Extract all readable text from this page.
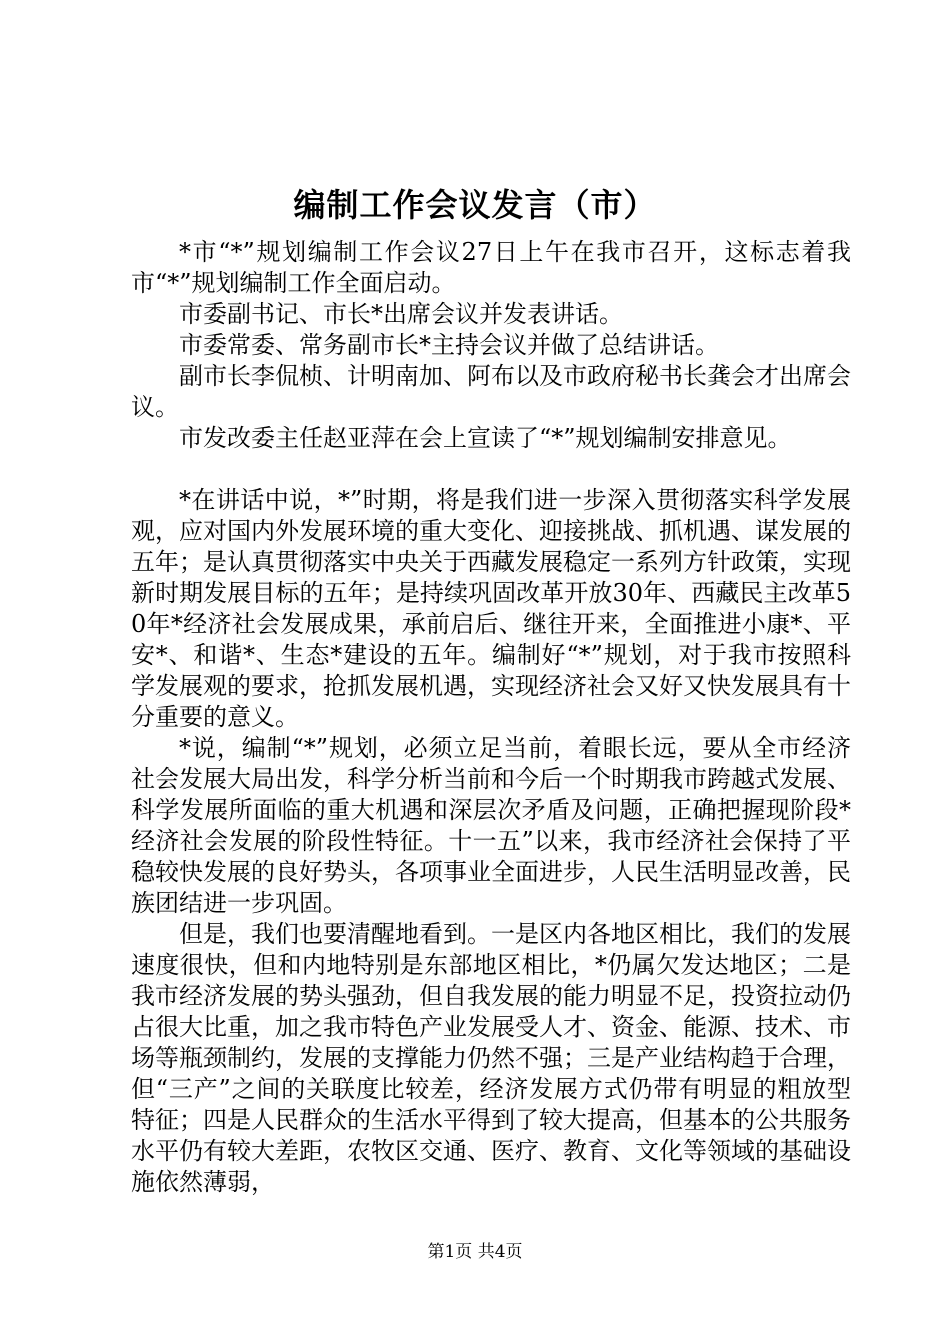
编制工作会议发言（市）

*市“*”规划编制工作会议27日上午在我市召开，这标志着我市“*”规划编制工作全面启动。

市委副书记、市长*出席会议并发表讲话。

市委常委、常务副市长*主持会议并做了总结讲话。

副市长李侃桢、计明南加、阿布以及市政府秘书长龚会才出席会议。

市发改委主任赵亚萍在会上宣读了“*”规划编制安排意见。

*在讲话中说，*”时期，将是我们进一步深入贯彻落实科学发展观，应对国内外发展环境的重大变化、迎接挑战、抓机遇、谋发展的五年；是认真贯彻落实中央关于西藏发展稳定一系列方针政策，实现新时期发展目标的五年；是持续巩固改革开放30年、西藏民主改革50年*经济社会发展成果，承前启后、继往开来，全面推进小康*、平安*、和谐*、生态*建设的五年。编制好“*”规划，对于我市按照科学发展观的要求，抢抓发展机遇，实现经济社会又好又快发展具有十分重要的意义。

*说，编制“*”规划，必须立足当前，着眼长远，要从全市经济社会发展大局出发，科学分析当前和今后一个时期我市跨越式发展、科学发展所面临的重大机遇和深层次矛盾及问题，正确把握现阶段*经济社会发展的阶段性特征。十一五”以来，我市经济社会保持了平稳较快发展的良好势头，各项事业全面进步，人民生活明显改善，民族团结进一步巩固。

但是，我们也要清醒地看到。一是区内各地区相比，我们的发展速度很快，但和内地特别是东部地区相比，*仍属欠发达地区；二是我市经济发展的势头强劲，但自我发展的能力明显不足，投资拉动仍占很大比重，加之我市特色产业发展受人才、资金、能源、技术、市场等瓶颈制约，发展的支撑能力仍然不强；三是产业结构趋于合理，但“三产”之间的关联度比较差，经济发展方式仍带有明显的粗放型特征；四是人民群众的生活水平得到了较大提高，但基本的公共服务水平仍有较大差距，农牧区交通、医疗、教育、文化等领域的基础设施依然薄弱，

第1页 共4页
